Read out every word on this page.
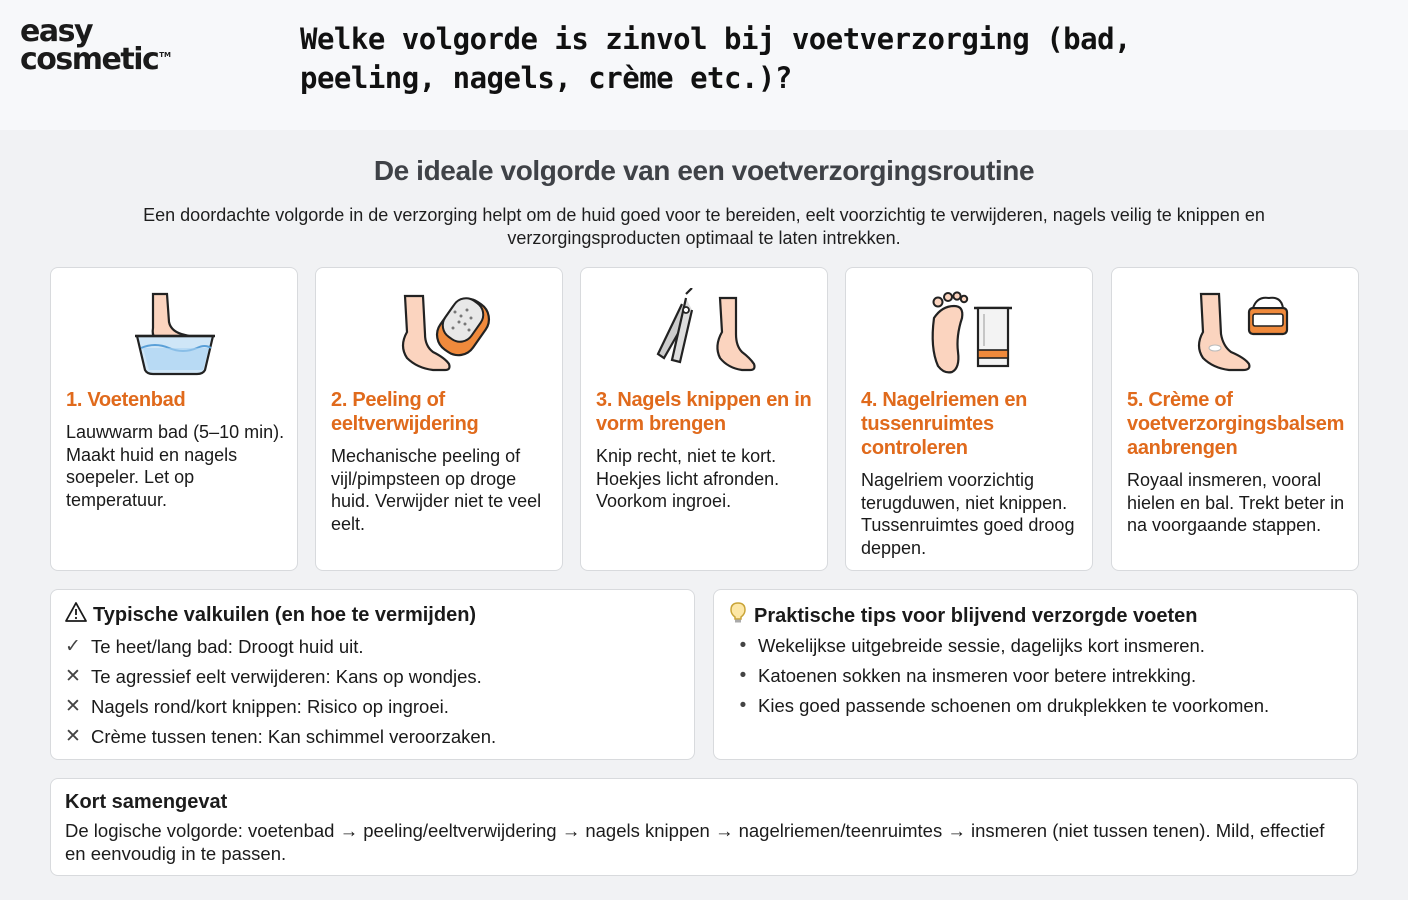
easy
cosmetic™	Welke volgorde is zinvol bij voetverzorging (bad, peeling, nagels, crème etc.)?
De ideale volgorde van een voetverzorgingsroutine
Een doordachte volgorde in de verzorging helpt om de huid goed voor te bereiden, eelt voorzichtig te verwijderen, nagels veilig te knippen en verzorgingsproducten optimaal te laten intrekken.
1. Voetenbad
Lauwwarm bad (5–10 min). Maakt huid en nagels soepeler. Let op temperatuur.
2. Peeling of eeltverwijdering
Mechanische peeling of vijl/pimpsteen op droge huid. Verwijder niet te veel eelt.
3. Nagels knippen en in vorm brengen
Knip recht, niet te kort. Hoekjes licht afronden. Voorkom ingroei.
4. Nagelriemen en tussenruimtes controleren
Nagelriem voorzichtig terugduwen, niet knippen. Tussenruimtes goed droog deppen.
5. Crème of voetverzorgingsbalsem aanbrengen
Royaal insmeren, vooral hielen en bal. Trekt beter in na voorgaande stappen.
Typische valkuilen (en hoe te vermijden)
✓ Te heet/lang bad: Droogt huid uit.
✕ Te agressief eelt verwijderen: Kans op wondjes.
✕ Nagels rond/kort knippen: Risico op ingroei.
✕ Crème tussen tenen: Kan schimmel veroorzaken.
Praktische tips voor blijvend verzorgde voeten
• Wekelijkse uitgebreide sessie, dagelijks kort insmeren.
• Katoenen sokken na insmeren voor betere intrekking.
• Kies goed passende schoenen om drukplekken te voorkomen.
Kort samengevat
De logische volgorde: voetenbad → peeling/eeltverwijdering → nagels knippen → nagelriemen/teenruimtes → insmeren (niet tussen tenen). Mild, effectief en eenvoudig in te passen.
